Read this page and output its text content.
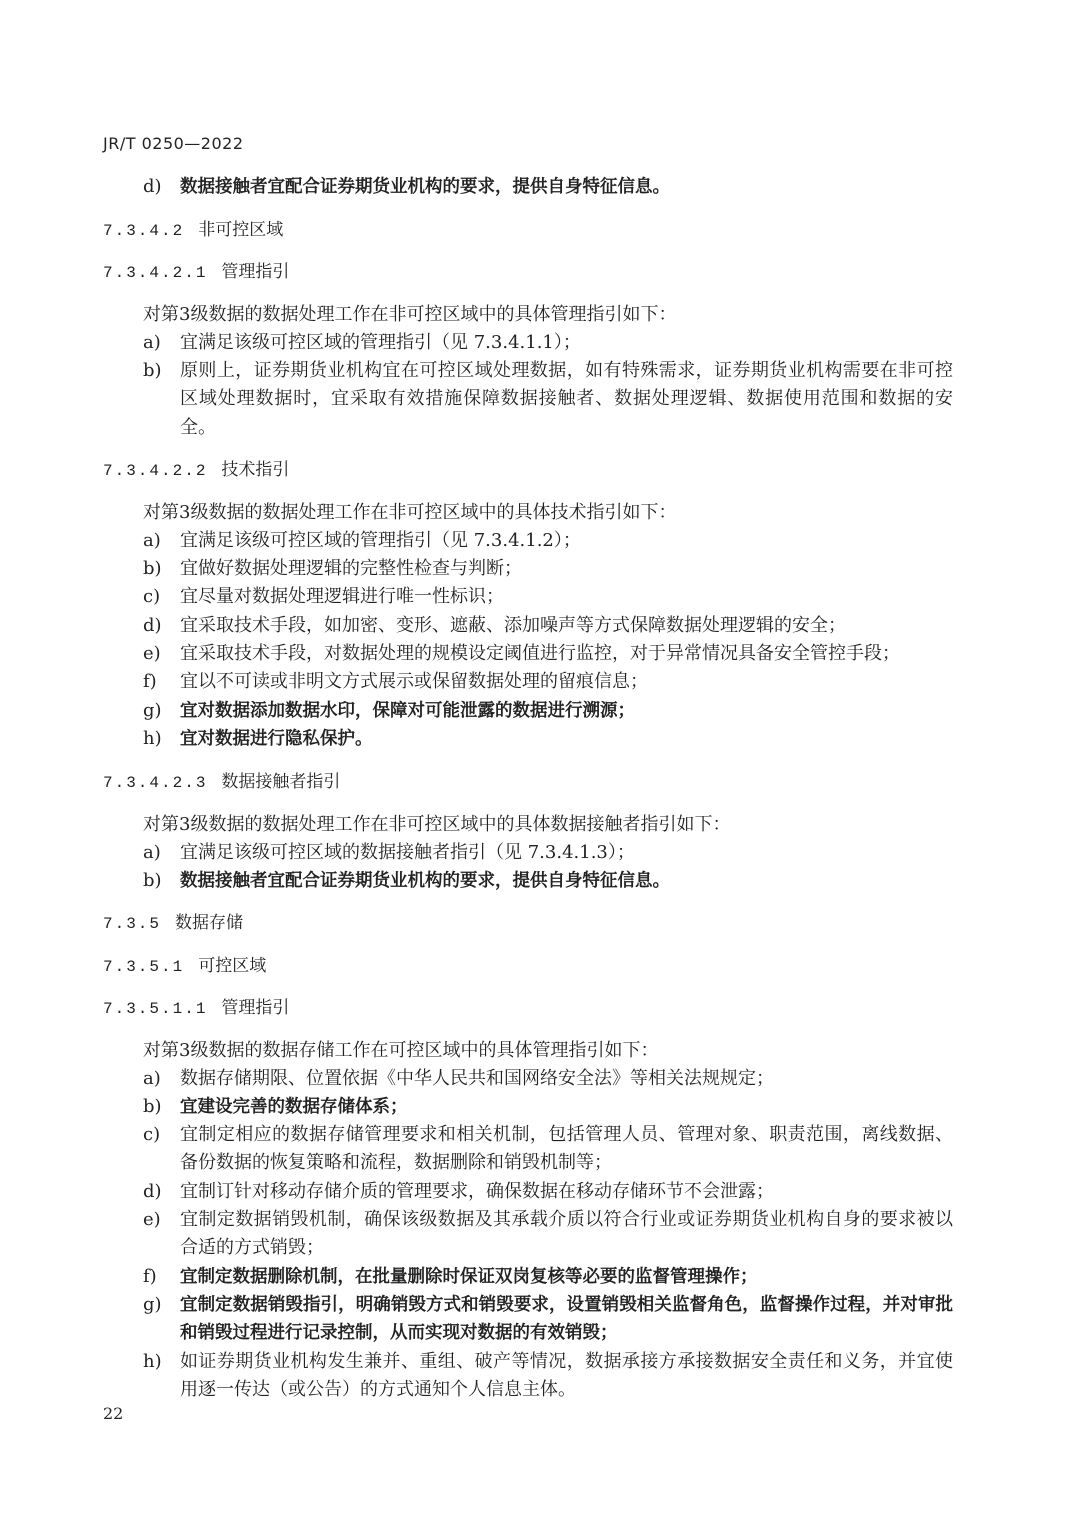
JR/T 0250—2022
d)	数据接触者宜配合证券期货业机构的要求，提供自身特征信息。
7.3.4.2 非可控区域
7.3.4.2.1 管理指引
对第3级数据的数据处理工作在非可控区域中的具体管理指引如下：
a)	宜满足该级可控区域的管理指引（见 7.3.4.1.1）；
b)	原则上，证券期货业机构宜在可控区域处理数据，如有特殊需求，证券期货业机构需要在非可控区域处理数据时，宜采取有效措施保障数据接触者、数据处理逻辑、数据使用范围和数据的安全。
7.3.4.2.2 技术指引
对第3级数据的数据处理工作在非可控区域中的具体技术指引如下：
a)	宜满足该级可控区域的管理指引（见 7.3.4.1.2）；
b)	宜做好数据处理逻辑的完整性检查与判断；
c)	宜尽量对数据处理逻辑进行唯一性标识；
d)	宜采取技术手段，如加密、变形、遮蔽、添加噪声等方式保障数据处理逻辑的安全；
e)	宜采取技术手段，对数据处理的规模设定阈值进行监控，对于异常情况具备安全管控手段；
f)	宜以不可读或非明文方式展示或保留数据处理的留痕信息；
g)	宜对数据添加数据水印，保障对可能泄露的数据进行溯源；
h)	宜对数据进行隐私保护。
7.3.4.2.3 数据接触者指引
对第3级数据的数据处理工作在非可控区域中的具体数据接触者指引如下：
a)	宜满足该级可控区域的数据接触者指引（见 7.3.4.1.3）；
b)	数据接触者宜配合证券期货业机构的要求，提供自身特征信息。
7.3.5 数据存储
7.3.5.1 可控区域
7.3.5.1.1 管理指引
对第3级数据的数据存储工作在可控区域中的具体管理指引如下：
a)	数据存储期限、位置依据《中华人民共和国网络安全法》等相关法规规定；
b)	宜建设完善的数据存储体系；
c)	宜制定相应的数据存储管理要求和相关机制，包括管理人员、管理对象、职责范围，离线数据、备份数据的恢复策略和流程，数据删除和销毁机制等；
d)	宜制订针对移动存储介质的管理要求，确保数据在移动存储环节不会泄露；
e)	宜制定数据销毁机制，确保该级数据及其承载介质以符合行业或证券期货业机构自身的要求被以合适的方式销毁；
f)	宜制定数据删除机制，在批量删除时保证双岗复核等必要的监督管理操作；
g)	宜制定数据销毁指引，明确销毁方式和销毁要求，设置销毁相关监督角色，监督操作过程，并对审批和销毁过程进行记录控制，从而实现对数据的有效销毁；
h)	如证券期货业机构发生兼并、重组、破产等情况，数据承接方承接数据安全责任和义务，并宜使用逐一传达（或公告）的方式通知个人信息主体。
22
